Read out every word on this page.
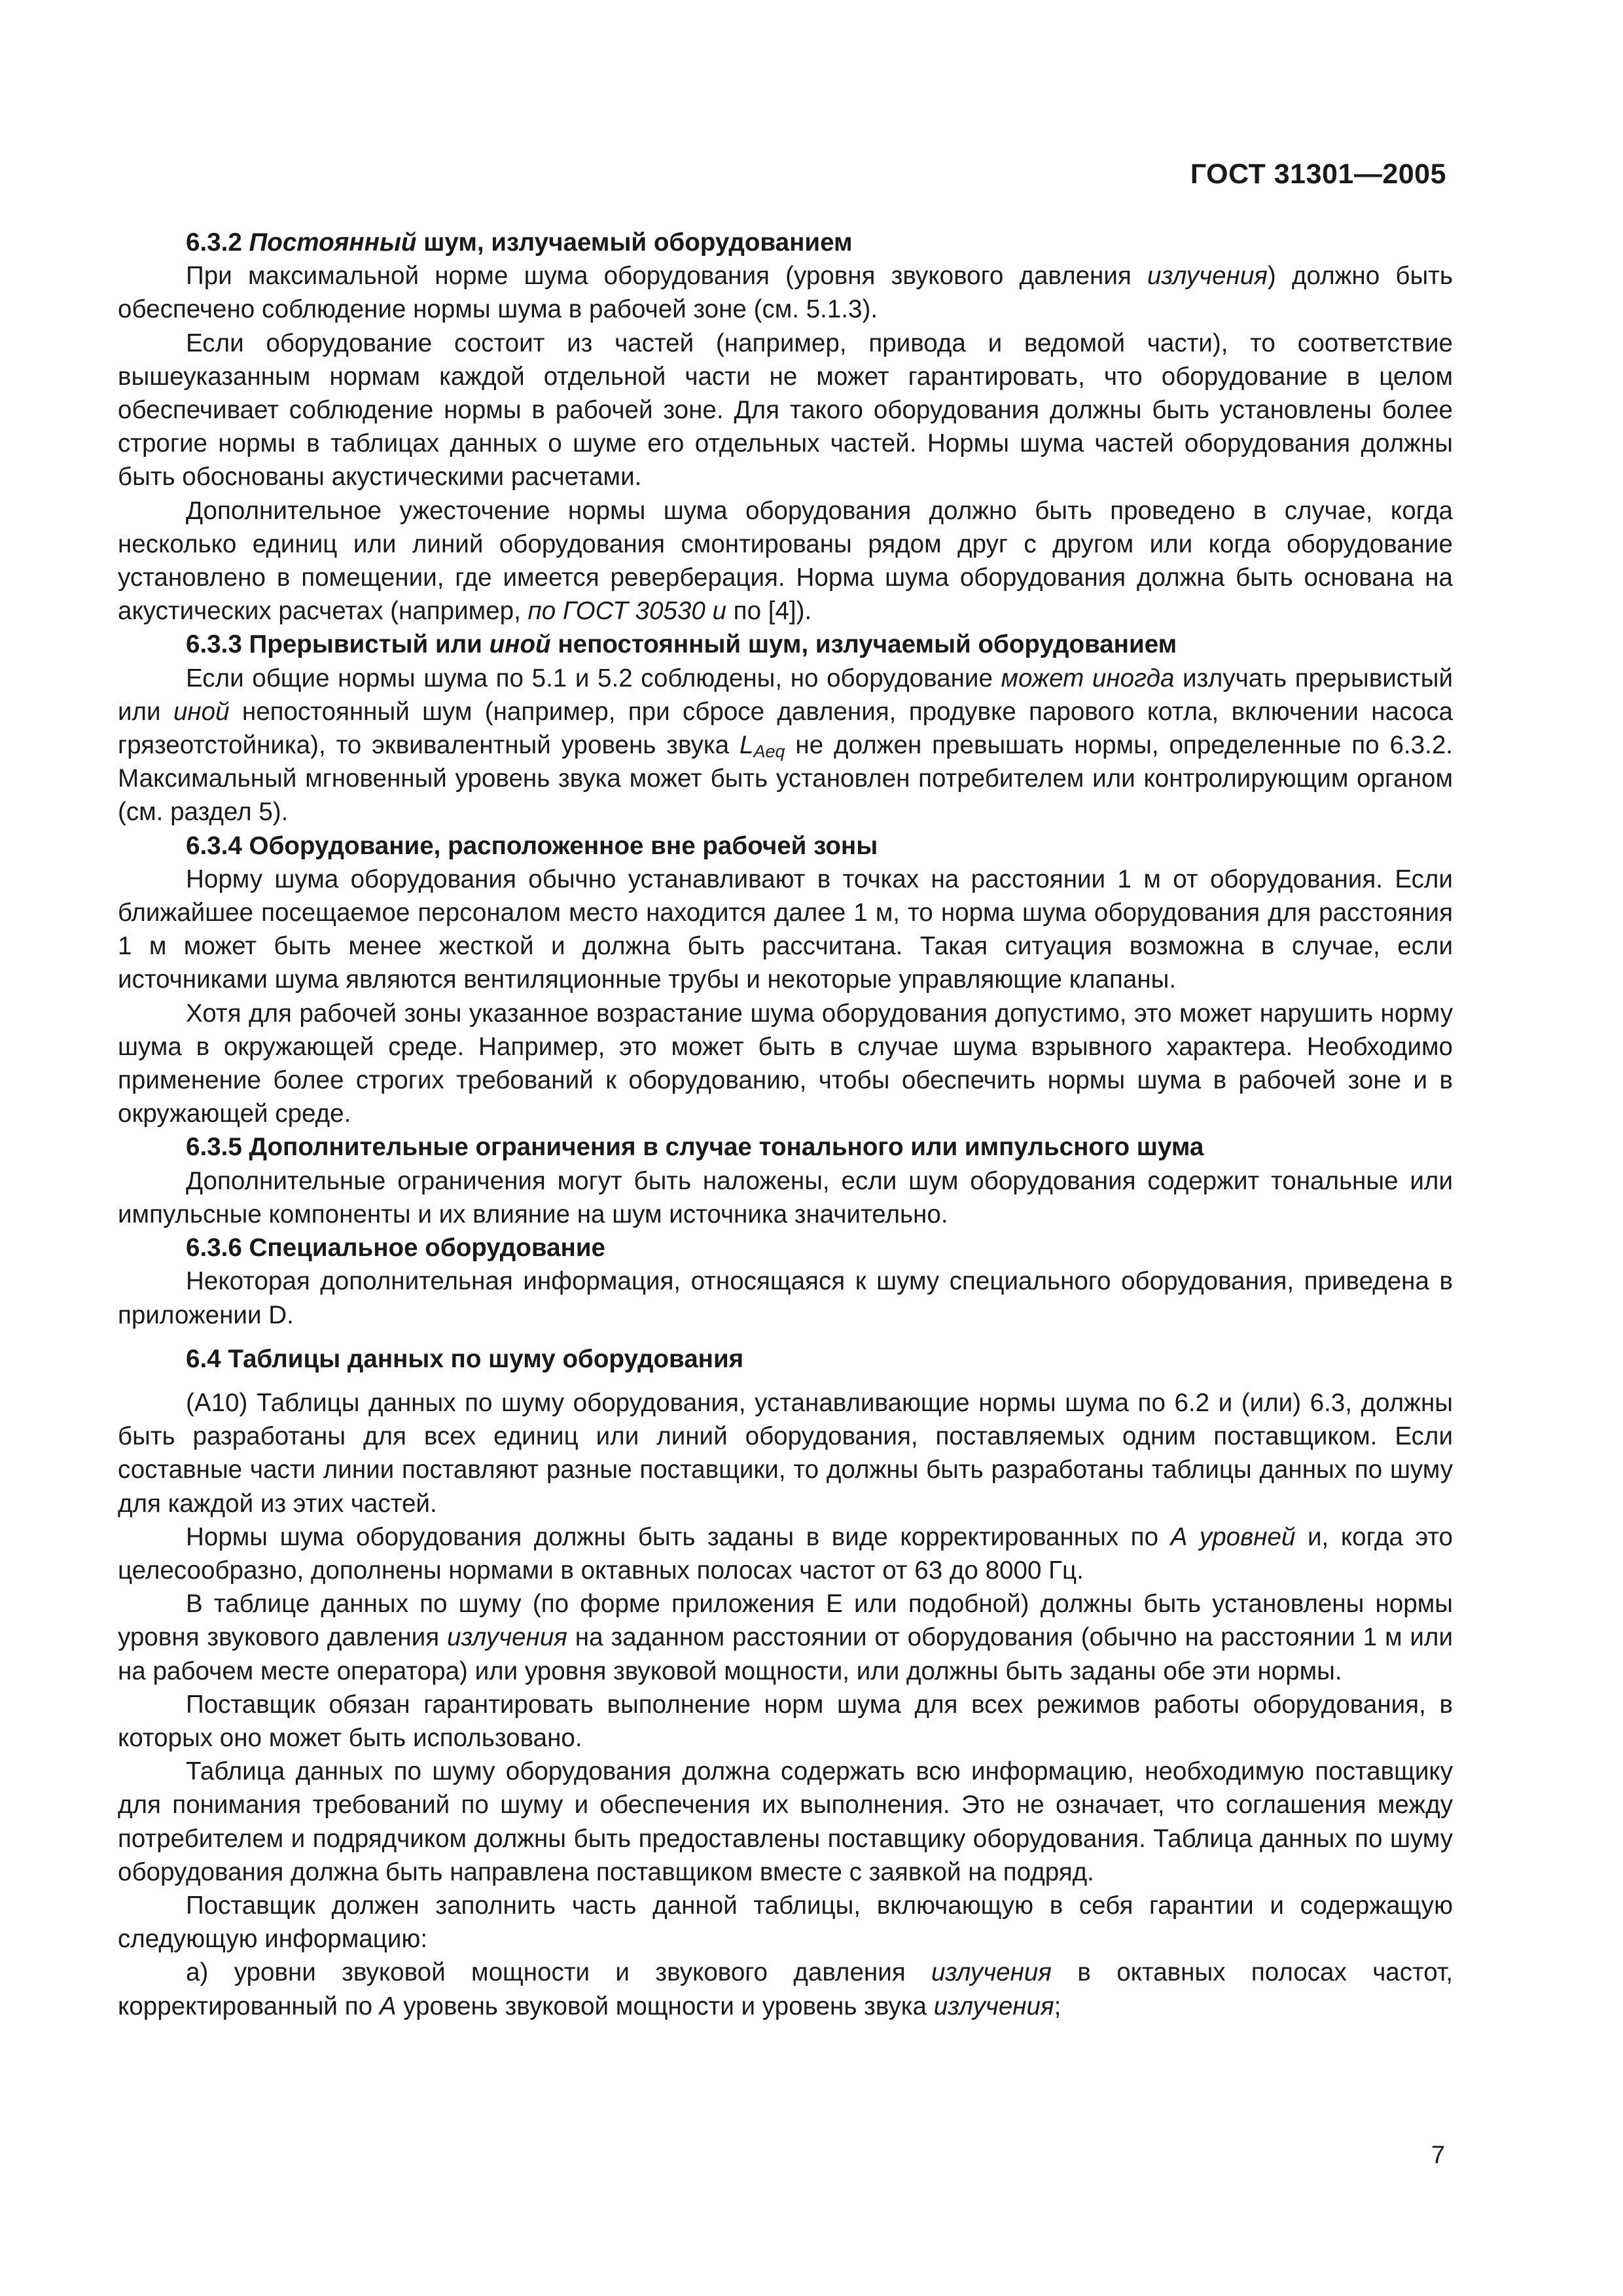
ГОСТ 31301—2005

6.3.2 Постоянный шум, излучаемый оборудованием

При максимальной норме шума оборудования (уровня звукового давления излучения) должно быть обеспечено соблюдение нормы шума в рабочей зоне (см. 5.1.3).

Если оборудование состоит из частей (например, привода и ведомой части), то соответствие вышеуказанным нормам каждой отдельной части не может гарантировать, что оборудование в целом обеспечивает соблюдение нормы в рабочей зоне. Для такого оборудования должны быть установлены более строгие нормы в таблицах данных о шуме его отдельных частей. Нормы шума частей оборудования должны быть обоснованы акустическими расчетами.

Дополнительное ужесточение нормы шума оборудования должно быть проведено в случае, когда несколько единиц или линий оборудования смонтированы рядом друг с другом или когда оборудование установлено в помещении, где имеется реверберация. Норма шума оборудования должна быть основана на акустических расчетах (например, по ГОСТ 30530 и по [4]).

6.3.3 Прерывистый или иной непостоянный шум, излучаемый оборудованием

Если общие нормы шума по 5.1 и 5.2 соблюдены, но оборудование может иногда излучать прерывистый или иной непостоянный шум (например, при сбросе давления, продувке парового котла, включении насоса грязеотстойника), то эквивалентный уровень звука $L_{Aeq}$ не должен превышать нормы, определенные по 6.3.2. Максимальный мгновенный уровень звука может быть установлен потребителем или контролирующим органом (см. раздел 5).

6.3.4 Оборудование, расположенное вне рабочей зоны

Норму шума оборудования обычно устанавливают в точках на расстоянии 1 м от оборудования. Если ближайшее посещаемое персоналом место находится далее 1 м, то норма шума оборудования для расстояния 1 м может быть менее жесткой и должна быть рассчитана. Такая ситуация возможна в случае, если источниками шума являются вентиляционные трубы и некоторые управляющие клапаны.

Хотя для рабочей зоны указанное возрастание шума оборудования допустимо, это может нарушить норму шума в окружающей среде. Например, это может быть в случае шума взрывного характера. Необходимо применение более строгих требований к оборудованию, чтобы обеспечить нормы шума в рабочей зоне и в окружающей среде.

6.3.5 Дополнительные ограничения в случае тонального или импульсного шума

Дополнительные ограничения могут быть наложены, если шум оборудования содержит тональные или импульсные компоненты и их влияние на шум источника значительно.

6.3.6 Специальное оборудование

Некоторая дополнительная информация, относящаяся к шуму специального оборудования, приведена в приложении D.

6.4 Таблицы данных по шуму оборудования

(А10) Таблицы данных по шуму оборудования, устанавливающие нормы шума по 6.2 и (или) 6.3, должны быть разработаны для всех единиц или линий оборудования, поставляемых одним поставщиком. Если составные части линии поставляют разные поставщики, то должны быть разработаны таблицы данных по шуму для каждой из этих частей.

Нормы шума оборудования должны быть заданы в виде корректированных по А уровней и, когда это целесообразно, дополнены нормами в октавных полосах частот от 63 до 8000 Гц.

В таблице данных по шуму (по форме приложения Е или подобной) должны быть установлены нормы уровня звукового давления излучения на заданном расстоянии от оборудования (обычно на расстоянии 1 м или на рабочем месте оператора) или уровня звуковой мощности, или должны быть заданы обе эти нормы.

Поставщик обязан гарантировать выполнение норм шума для всех режимов работы оборудования, в которых оно может быть использовано.

Таблица данных по шуму оборудования должна содержать всю информацию, необходимую поставщику для понимания требований по шуму и обеспечения их выполнения. Это не означает, что соглашения между потребителем и подрядчиком должны быть предоставлены поставщику оборудования. Таблица данных по шуму оборудования должна быть направлена поставщиком вместе с заявкой на подряд.

Поставщик должен заполнить часть данной таблицы, включающую в себя гарантии и содержащую следующую информацию:

а) уровни звуковой мощности и звукового давления излучения в октавных полосах частот, корректированный по А уровень звуковой мощности и уровень звука излучения;

7
